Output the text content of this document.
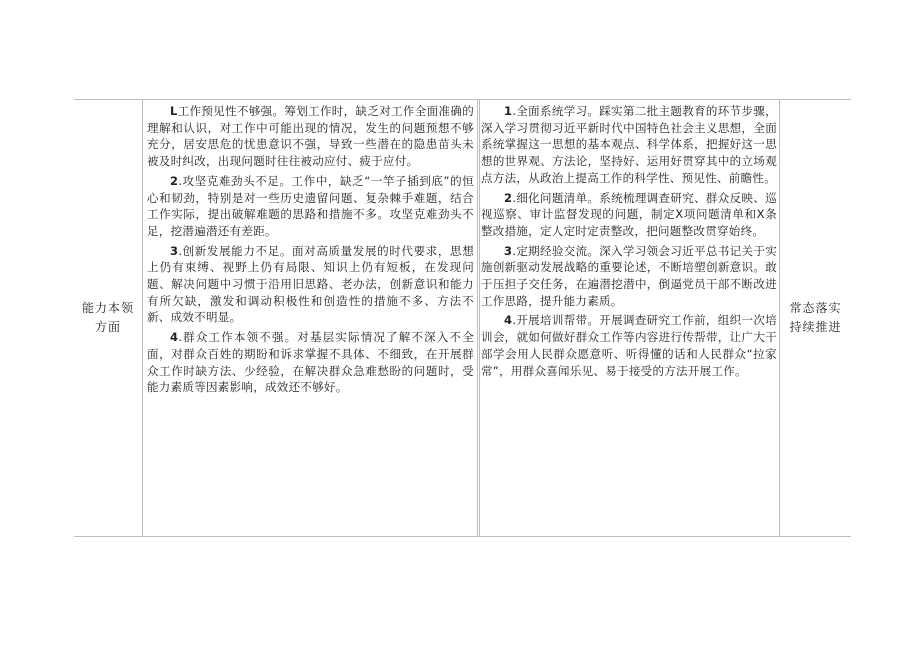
能力本领
方面

L工作预见性不够强。筹划工作时，缺乏对工作全面准确的理解和认识，对工作中可能出现的情况，发生的问题预想不够充分，居安思危的忧患意识不强，导致一些潜在的隐患苗头未被及时纠改，出现问题时往往被动应付、疲于应付。

2.攻坚克难劲头不足。工作中，缺乏“一竿子插到底”的恒心和韧劲，特别是对一些历史遗留问题、复杂棘手难题，结合工作实际，提出破解难题的思路和措施不多。攻坚克难劲头不足，挖潜遍潜还有差距。

3.创新发展能力不足。面对高质量发展的时代要求，思想上仍有束缚、视野上仍有局限、知识上仍有短板，在发现问题、解决问题中习惯于沿用旧思路、老办法，创新意识和能力有所欠缺，激发和调动积极性和创造性的措施不多、方法不新、成效不明显。

4.群众工作本领不强。对基层实际情况了解不深入不全面，对群众百姓的期盼和诉求掌握不具体、不细致，在开展群众工作时缺方法、少经验，在解决群众急难愁盼的问题时，受能力素质等因素影响，成效还不够好。

1.全面系统学习。踩实第二批主题教育的环节步骤，深入学习贯彻习近平新时代中国特色社会主义思想，全面系统掌握这一思想的基本观点、科学体系，把握好这一思想的世界观、方法论，坚持好、运用好贯穿其中的立场观点方法，从政治上提高工作的科学性、预见性、前瞻性。

2.细化问题清单。系统梳理调查研究、群众反映、巡视巡察、审计监督发现的问题，制定X项问题清单和X条整改措施，定人定时定责整改，把问题整改贯穿始终。

3.定期经验交流。深入学习领会习近平总书记关于实施创新驱动发展战略的重要论述，不断培塑创新意识。敢于压担子交任务，在遍潜挖潜中，倒逼党员干部不断改进工作思路，提升能力素质。

4.开展培训帮带。开展调查研究工作前，组织一次培训会，就如何做好群众工作等内容进行传帮带，让广大干部学会用人民群众愿意听、听得懂的话和人民群众“拉家常”，用群众喜闻乐见、易于接受的方法开展工作。

常态落实
持续推进
